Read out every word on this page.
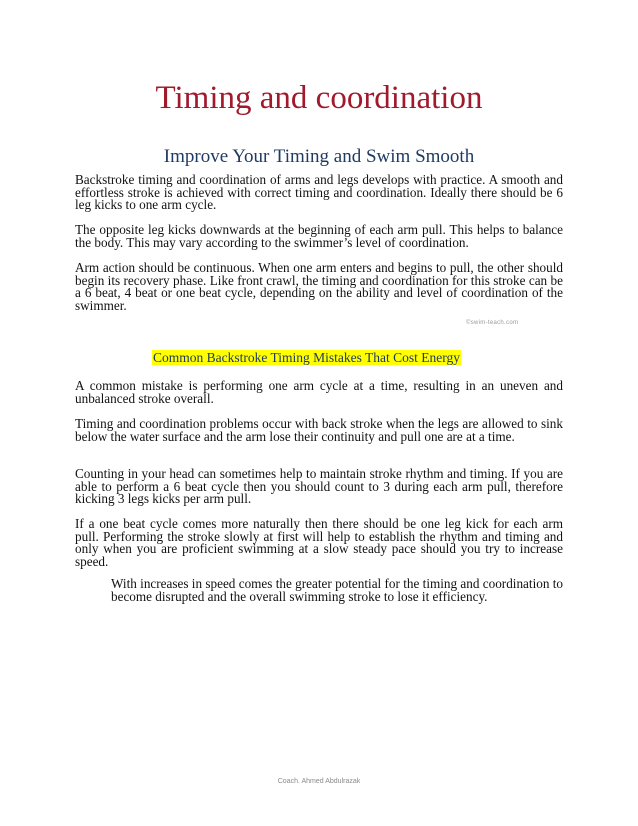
Timing and coordination
Improve Your Timing and Swim Smooth

Backstroke timing and coordination of arms and legs develops with practice. A smooth and effortless stroke is achieved with correct timing and coordination. Ideally there should be 6 leg kicks to one arm cycle.

The opposite leg kicks downwards at the beginning of each arm pull. This helps to balance the body. This may vary according to the swimmer’s level of coordination.

Arm action should be continuous. When one arm enters and begins to pull, the other should begin its recovery phase. Like front crawl, the timing and coordination for this stroke can be a 6 beat, 4 beat or one beat cycle, depending on the ability and level of coordination of the swimmer.

©swim-teach.com
Common Backstroke Timing Mistakes That Cost Energy

A common mistake is performing one arm cycle at a time, resulting in an uneven and unbalanced stroke overall.

Timing and coordination problems occur with back stroke when the legs are allowed to sink below the water surface and the arm lose their continuity and pull one are at a time.

Counting in your head can sometimes help to maintain stroke rhythm and timing. If you are able to perform a 6 beat cycle then you should count to 3 during each arm pull, therefore kicking 3 legs kicks per arm pull.

If a one beat cycle comes more naturally then there should be one leg kick for each arm pull. Performing the stroke slowly at first will help to establish the rhythm and timing and only when you are proficient swimming at a slow steady pace should you try to increase speed.

With increases in speed comes the greater potential for the timing and coordination to become disrupted and the overall swimming stroke to lose it efficiency.

Coach. Ahmed Abdulrazak
